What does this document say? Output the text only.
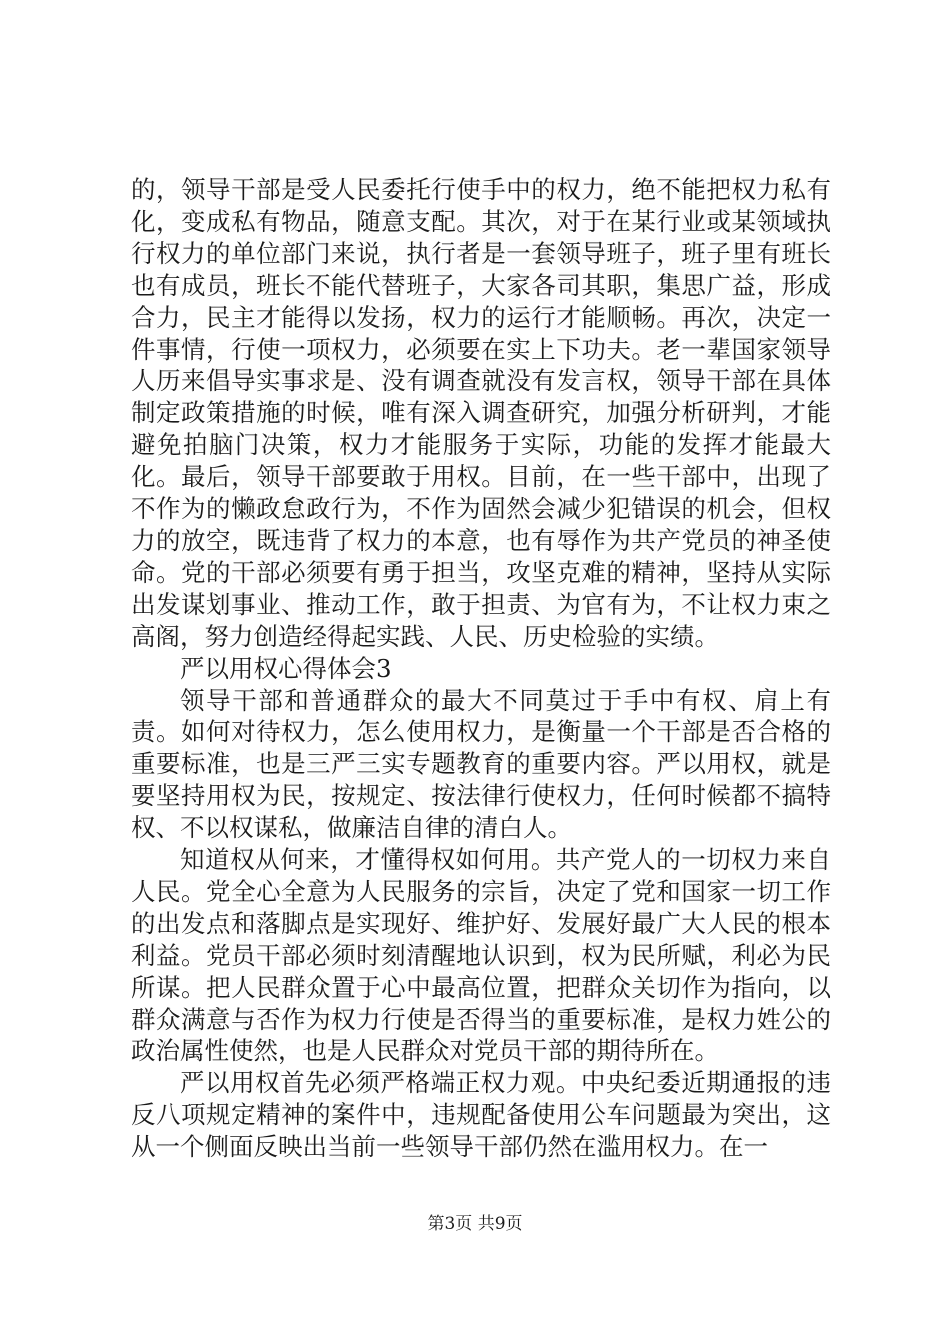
的，领导干部是受人民委托行使手中的权力，绝不能把权力私有化，变成私有物品，随意支配。其次，对于在某行业或某领域执行权力的单位部门来说，执行者是一套领导班子，班子里有班长也有成员，班长不能代替班子，大家各司其职，集思广益，形成合力，民主才能得以发扬，权力的运行才能顺畅。再次，决定一件事情，行使一项权力，必须要在实上下功夫。老一辈国家领导人历来倡导实事求是、没有调查就没有发言权，领导干部在具体制定政策措施的时候，唯有深入调查研究，加强分析研判，才能避免拍脑门决策，权力才能服务于实际，功能的发挥才能最大化。最后，领导干部要敢于用权。目前，在一些干部中，出现了不作为的懒政怠政行为，不作为固然会减少犯错误的机会，但权力的放空，既违背了权力的本意，也有辱作为共产党员的神圣使命。党的干部必须要有勇于担当，攻坚克难的精神，坚持从实际出发谋划事业、推动工作，敢于担责、为官有为，不让权力束之高阁，努力创造经得起实践、人民、历史检验的实绩。

严以用权心得体会3

领导干部和普通群众的最大不同莫过于手中有权、肩上有责。如何对待权力，怎么使用权力，是衡量一个干部是否合格的重要标准，也是三严三实专题教育的重要内容。严以用权，就是要坚持用权为民，按规定、按法律行使权力，任何时候都不搞特权、不以权谋私，做廉洁自律的清白人。

知道权从何来，才懂得权如何用。共产党人的一切权力来自人民。党全心全意为人民服务的宗旨，决定了党和国家一切工作的出发点和落脚点是实现好、维护好、发展好最广大人民的根本利益。党员干部必须时刻清醒地认识到，权为民所赋，利必为民所谋。把人民群众置于心中最高位置，把群众关切作为指向，以群众满意与否作为权力行使是否得当的重要标准，是权力姓公的政治属性使然，也是人民群众对党员干部的期待所在。

严以用权首先必须严格端正权力观。中央纪委近期通报的违反八项规定精神的案件中，违规配备使用公车问题最为突出，这从一个侧面反映出当前一些领导干部仍然在滥用权力。在一

第3页 共9页
